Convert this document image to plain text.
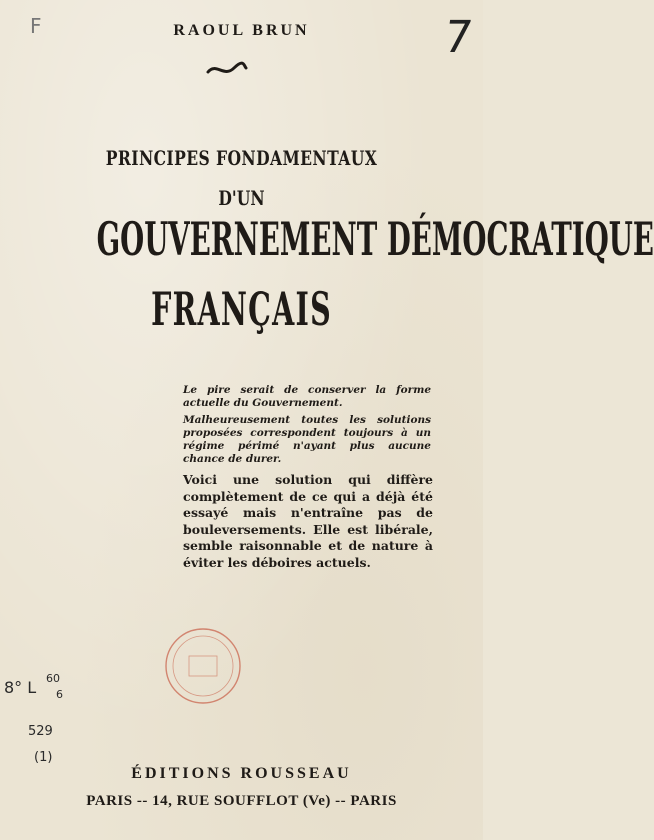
F	RAOUL BRUN	7
PRINCIPES FONDAMENTAUX
D'UN
GOUVERNEMENT DÉMOCRATIQUE
FRANÇAIS

Le pire serait de conserver la forme actuelle du Gouvernement.

Malheureusement toutes les solutions proposées correspondent toujours à un régime périmé n'ayant plus aucune chance de durer.

Voici une solution qui diffère complètement de ce qui a déjà été essayé mais n'entraîne pas de bouleversements. Elle est libérale, semble raisonnable et de nature à éviter les déboires actuels.

8° L 60
6
529
(1)
ÉDITIONS ROUSSEAU
PARIS -- 14, RUE SOUFFLOT (Ve) -- PARIS
